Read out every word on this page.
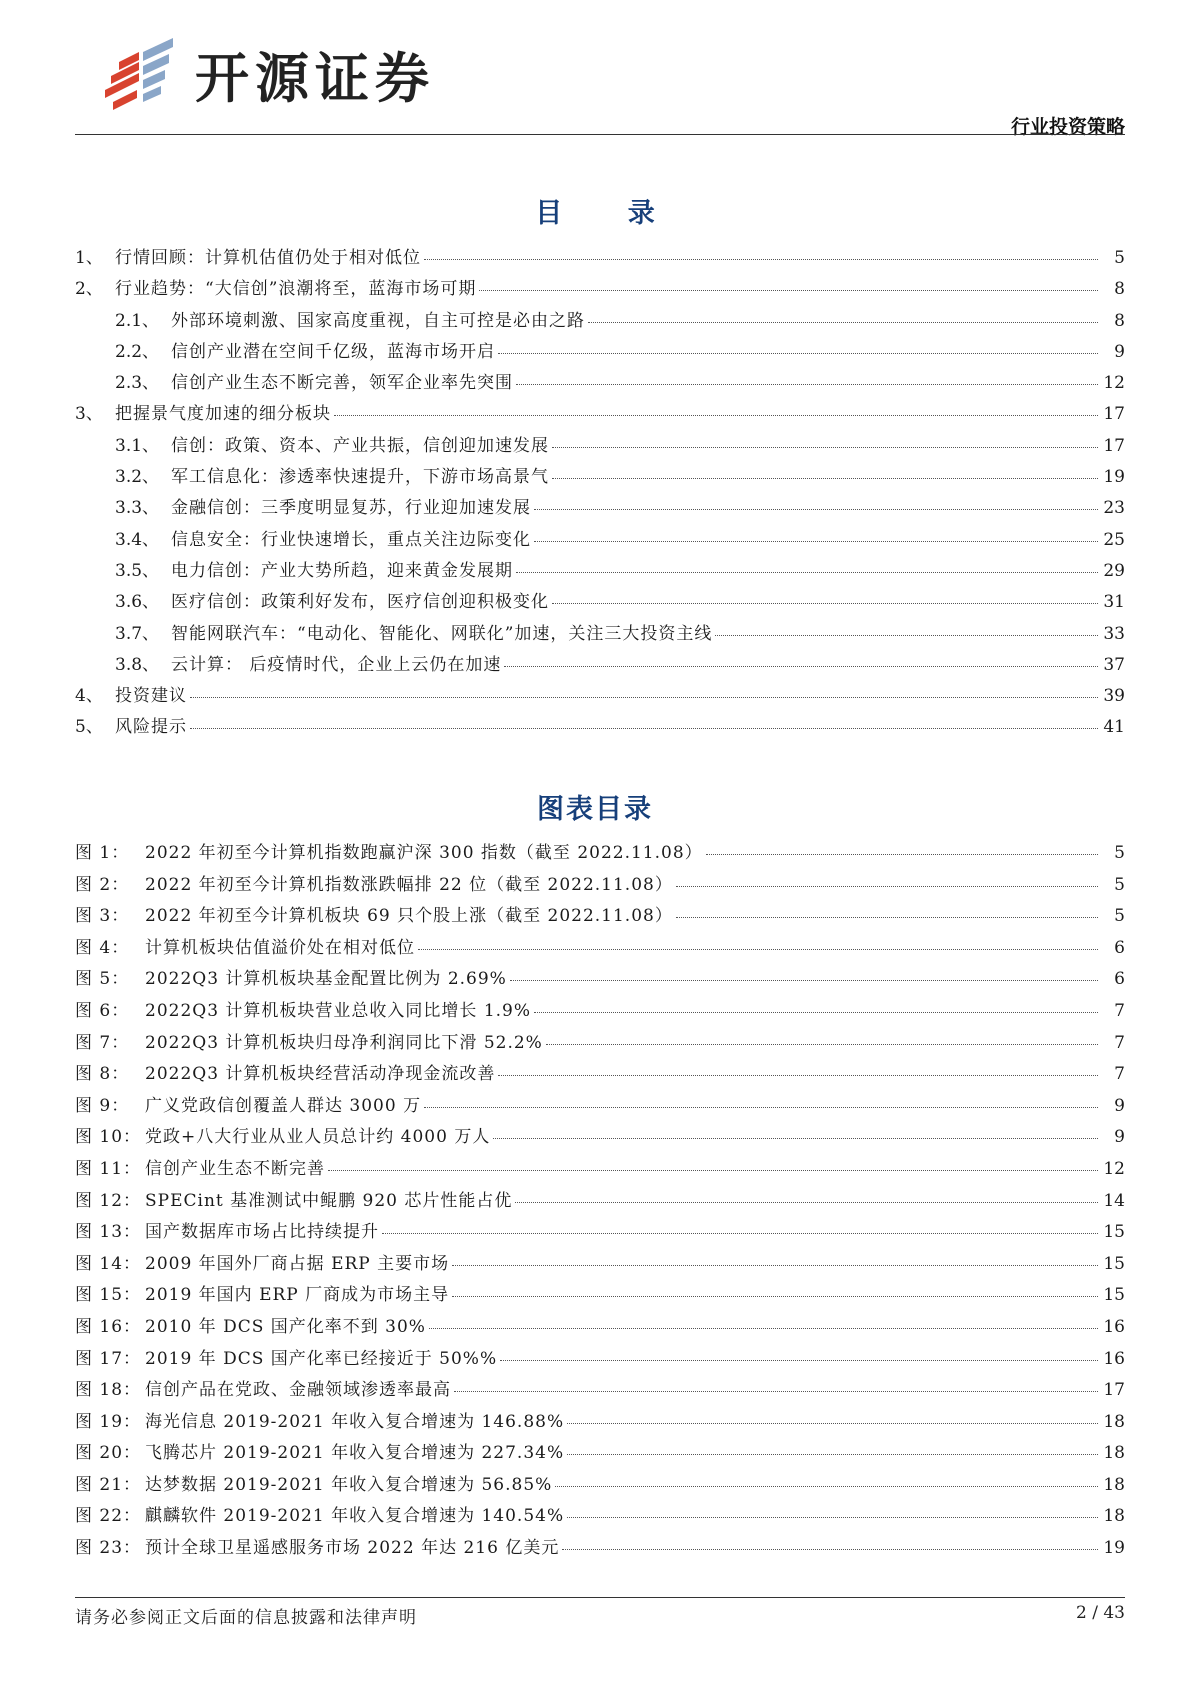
开源证券
行业投资策略
目 录
1、 行情回顾：计算机估值仍处于相对低位	5
2、 行业趋势：“大信创”浪潮将至，蓝海市场可期	8
2.1、 外部环境刺激、国家高度重视，自主可控是必由之路	8
2.2、 信创产业潜在空间千亿级，蓝海市场开启	9
2.3、 信创产业生态不断完善，领军企业率先突围	12
3、 把握景气度加速的细分板块	17
3.1、 信创：政策、资本、产业共振，信创迎加速发展	17
3.2、 军工信息化：渗透率快速提升，下游市场高景气	19
3.3、 金融信创：三季度明显复苏，行业迎加速发展	23
3.4、 信息安全：行业快速增长，重点关注边际变化	25
3.5、 电力信创：产业大势所趋，迎来黄金发展期	29
3.6、 医疗信创：政策利好发布，医疗信创迎积极变化	31
3.7、 智能网联汽车：“电动化、智能化、网联化”加速，关注三大投资主线	33
3.8、 云计算： 后疫情时代，企业上云仍在加速	37
4、 投资建议	39
5、 风险提示	41
图表目录
图 1： 2022 年初至今计算机指数跑赢沪深 300 指数（截至 2022.11.08）	5
图 2： 2022 年初至今计算机指数涨跌幅排 22 位（截至 2022.11.08）	5
图 3： 2022 年初至今计算机板块 69 只个股上涨（截至 2022.11.08）	5
图 4： 计算机板块估值溢价处在相对低位	6
图 5： 2022Q3 计算机板块基金配置比例为 2.69%	6
图 6： 2022Q3 计算机板块营业总收入同比增长 1.9%	7
图 7： 2022Q3 计算机板块归母净利润同比下滑 52.2%	7
图 8： 2022Q3 计算机板块经营活动净现金流改善	7
图 9： 广义党政信创覆盖人群达 3000 万	9
图 10： 党政+八大行业从业人员总计约 4000 万人	9
图 11： 信创产业生态不断完善	12
图 12： SPECint 基准测试中鲲鹏 920 芯片性能占优	14
图 13： 国产数据库市场占比持续提升	15
图 14： 2009 年国外厂商占据 ERP 主要市场	15
图 15： 2019 年国内 ERP 厂商成为市场主导	15
图 16： 2010 年 DCS 国产化率不到 30%	16
图 17： 2019 年 DCS 国产化率已经接近于 50%%	16
图 18： 信创产品在党政、金融领域渗透率最高	17
图 19： 海光信息 2019-2021 年收入复合增速为 146.88%	18
图 20： 飞腾芯片 2019-2021 年收入复合增速为 227.34%	18
图 21： 达梦数据 2019-2021 年收入复合增速为 56.85%	18
图 22： 麒麟软件 2019-2021 年收入复合增速为 140.54%	18
图 23： 预计全球卫星遥感服务市场 2022 年达 216 亿美元	19
请务必参阅正文后面的信息披露和法律声明	2 / 43
